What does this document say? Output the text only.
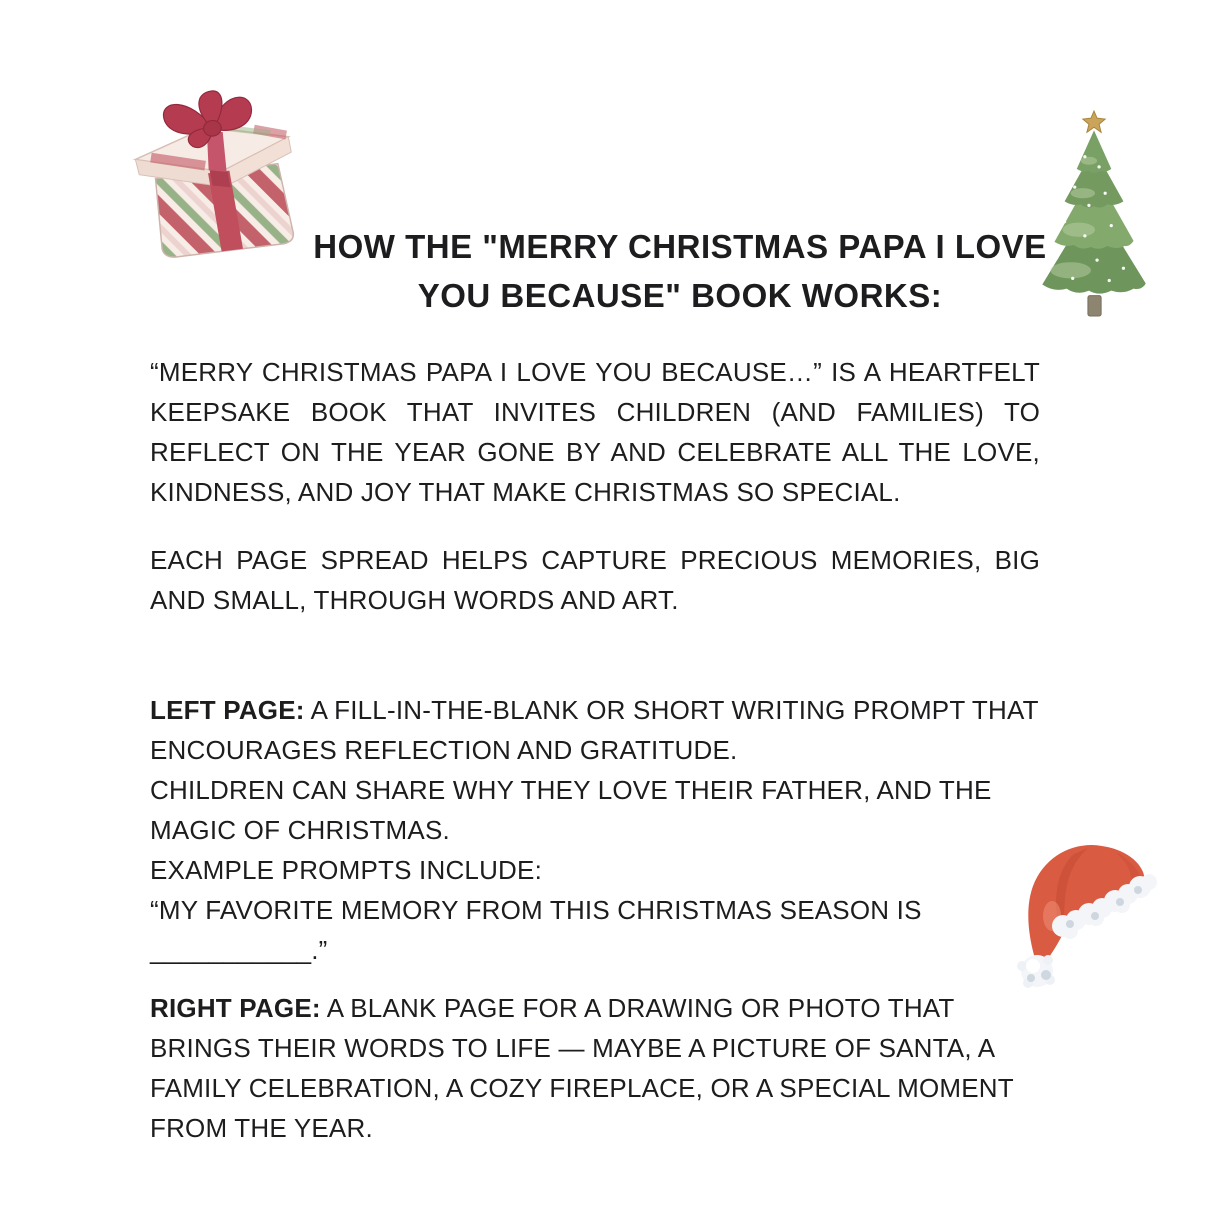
HOW THE "MERRY CHRISTMAS PAPA I LOVE
YOU BECAUSE" BOOK WORKS:

“MERRY CHRISTMAS PAPA I LOVE YOU BECAUSE…” IS A HEARTFELT KEEPSAKE BOOK THAT INVITES CHILDREN (AND FAMILIES) TO REFLECT ON THE YEAR GONE BY AND CELEBRATE ALL THE LOVE, KINDNESS, AND JOY THAT MAKE CHRISTMAS SO SPECIAL.

EACH PAGE SPREAD HELPS CAPTURE PRECIOUS MEMORIES, BIG AND SMALL, THROUGH WORDS AND ART.

LEFT PAGE: A FILL-IN-THE-BLANK OR SHORT WRITING PROMPT THAT ENCOURAGES REFLECTION AND GRATITUDE.

CHILDREN CAN SHARE WHY THEY LOVE THEIR FATHER, AND THE MAGIC OF CHRISTMAS.

EXAMPLE PROMPTS INCLUDE:

“MY FAVORITE MEMORY FROM THIS CHRISTMAS SEASON IS ___________.”

RIGHT PAGE: A BLANK PAGE FOR A DRAWING OR PHOTO THAT BRINGS THEIR WORDS TO LIFE — MAYBE A PICTURE OF SANTA, A FAMILY CELEBRATION, A COZY FIREPLACE, OR A SPECIAL MOMENT FROM THE YEAR.
